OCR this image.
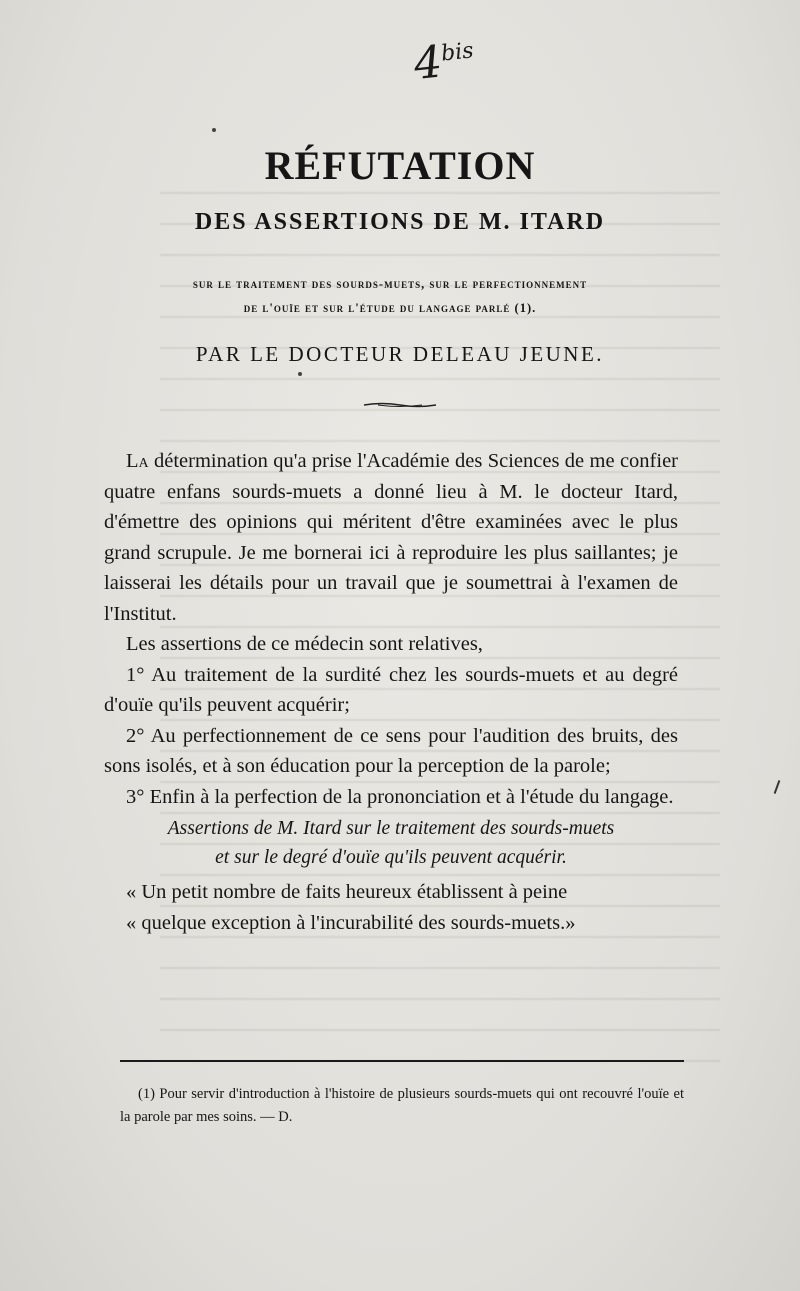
$4^{bis}$
RÉFUTATION
DES ASSERTIONS DE M. ITARD
sur le traitement des sourds-muets, sur le perfectionnement
de l'ouïe et sur l'étude du langage parlé (1).
PAR LE DOCTEUR DELEAU JEUNE.

La détermination qu'a prise l'Académie des Sciences de me confier quatre enfans sourds-muets a donné lieu à M. le docteur Itard, d'émettre des opinions qui méritent d'être examinées avec le plus grand scrupule. Je me bornerai ici à reproduire les plus saillantes; je laisserai les détails pour un travail que je soumettrai à l'examen de l'Institut.

Les assertions de ce médecin sont relatives,

1° Au traitement de la surdité chez les sourds-muets et au degré d'ouïe qu'ils peuvent acquérir;

2° Au perfectionnement de ce sens pour l'audition des bruits, des sons isolés, et à son éducation pour la perception de la parole;

3° Enfin à la perfection de la prononciation et à l'étude du langage.

Assertions de M. Itard sur le traitement des sourds-muets
et sur le degré d'ouïe qu'ils peuvent acquérir.

« Un petit nombre de faits heureux établissent à peine

« quelque exception à l'incurabilité des sourds-muets.»

(1) Pour servir d'introduction à l'histoire de plusieurs sourds-muets qui ont recouvré l'ouïe et la parole par mes soins. — D.
